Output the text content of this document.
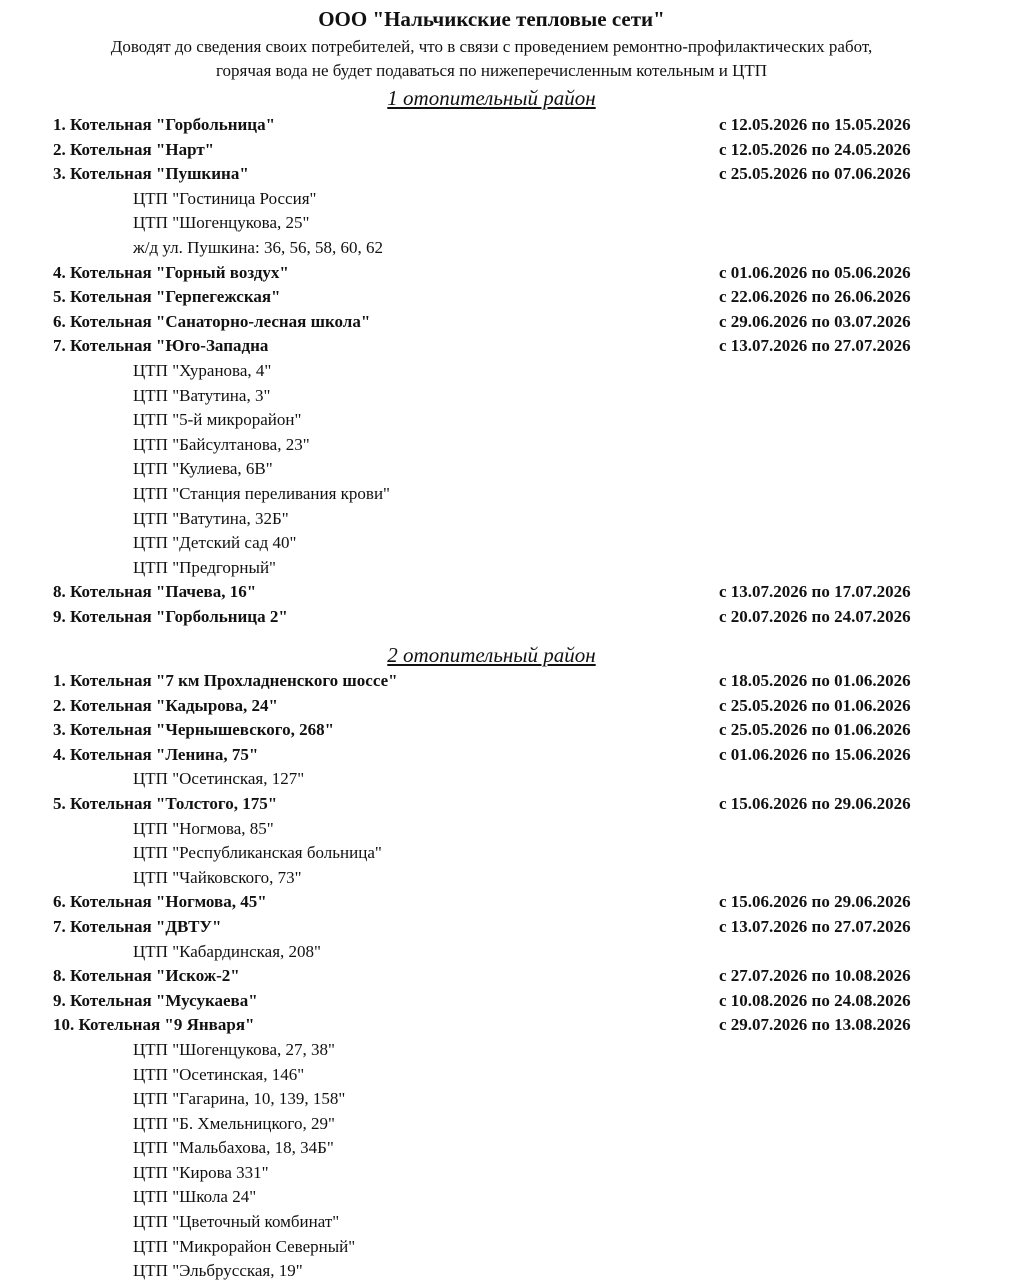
ООО "Нальчикские тепловые сети"
Доводят до сведения своих потребителей, что в связи с проведением ремонтно-профилактических работ,
горячая вода не будет подаваться по нижеперечисленным котельным и ЦТП
1 отопительный район
1. Котельная "Горбольница"	с 12.05.2026 по 15.05.2026
2. Котельная "Нарт"	с 12.05.2026 по 24.05.2026
3. Котельная "Пушкина"	с 25.05.2026 по 07.06.2026
ЦТП "Гостиница Россия"
ЦТП "Шогенцукова, 25"
ж/д ул. Пушкина: 36, 56, 58, 60, 62
4. Котельная "Горный воздух"	с 01.06.2026 по 05.06.2026
5. Котельная "Герпегежская"	с 22.06.2026 по 26.06.2026
6. Котельная "Санаторно-лесная школа"	с 29.06.2026 по 03.07.2026
7. Котельная "Юго-Западна	с 13.07.2026 по 27.07.2026
ЦТП "Хуранова, 4"
ЦТП "Ватутина, 3"
ЦТП "5-й микрорайон"
ЦТП "Байсултанова, 23"
ЦТП "Кулиева, 6В"
ЦТП "Станция переливания крови"
ЦТП "Ватутина, 32Б"
ЦТП "Детский сад 40"
ЦТП "Предгорный"
8. Котельная "Пачева, 16"	с 13.07.2026 по 17.07.2026
9. Котельная "Горбольница 2"	с 20.07.2026 по 24.07.2026
2 отопительный район
1. Котельная "7 км Прохладненского шоссе"	с 18.05.2026 по 01.06.2026
2. Котельная "Кадырова, 24"	с 25.05.2026 по 01.06.2026
3. Котельная "Чернышевского, 268"	с 25.05.2026 по 01.06.2026
4. Котельная "Ленина, 75"	с 01.06.2026 по 15.06.2026
ЦТП "Осетинская, 127"
5. Котельная "Толстого, 175"	с 15.06.2026 по 29.06.2026
ЦТП "Ногмова, 85"
ЦТП "Республиканская больница"
ЦТП "Чайковского, 73"
6. Котельная "Ногмова, 45"	с 15.06.2026 по 29.06.2026
7. Котельная "ДВТУ"	с 13.07.2026 по 27.07.2026
ЦТП "Кабардинская, 208"
8. Котельная "Искож-2"	с 27.07.2026 по 10.08.2026
9. Котельная "Мусукаева"	с 10.08.2026 по 24.08.2026
10. Котельная "9 Января"	с 29.07.2026 по 13.08.2026
ЦТП "Шогенцукова, 27, 38"
ЦТП "Осетинская, 146"
ЦТП "Гагарина, 10, 139, 158"
ЦТП "Б. Хмельницкого, 29"
ЦТП "Мальбахова, 18, 34Б"
ЦТП "Кирова 331"
ЦТП "Школа 24"
ЦТП "Цветочный комбинат"
ЦТП "Микрорайон Северный"
ЦТП "Эльбрусская, 19"
